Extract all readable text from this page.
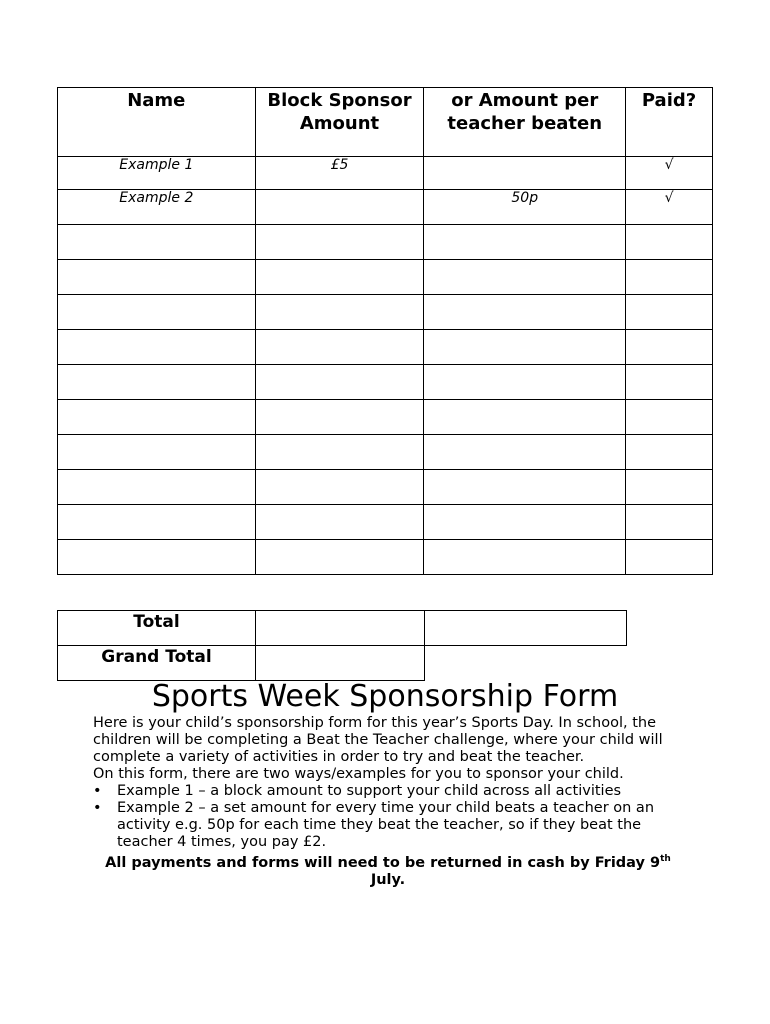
Name	Block Sponsor Amount	or Amount per teacher beaten	Paid?
Example 1	£5		√
Example 2		50p	√

Total		
Grand Total		
Sports Week Sponsorship Form

Here is your child’s sponsorship form for this year’s Sports Day. In school, the children will be completing a Beat the Teacher challenge, where your child will complete a variety of activities in order to try and beat the teacher.

On this form, there are two ways/examples for you to sponsor your child.

• Example 1 – a block amount to support your child across all activities
• Example 2 – a set amount for every time your child beats a teacher on an activity e.g. 50p for each time they beat the teacher, so if they beat the teacher 4 times, you pay £2.

All payments and forms will need to be returned in cash by Friday 9th July.
